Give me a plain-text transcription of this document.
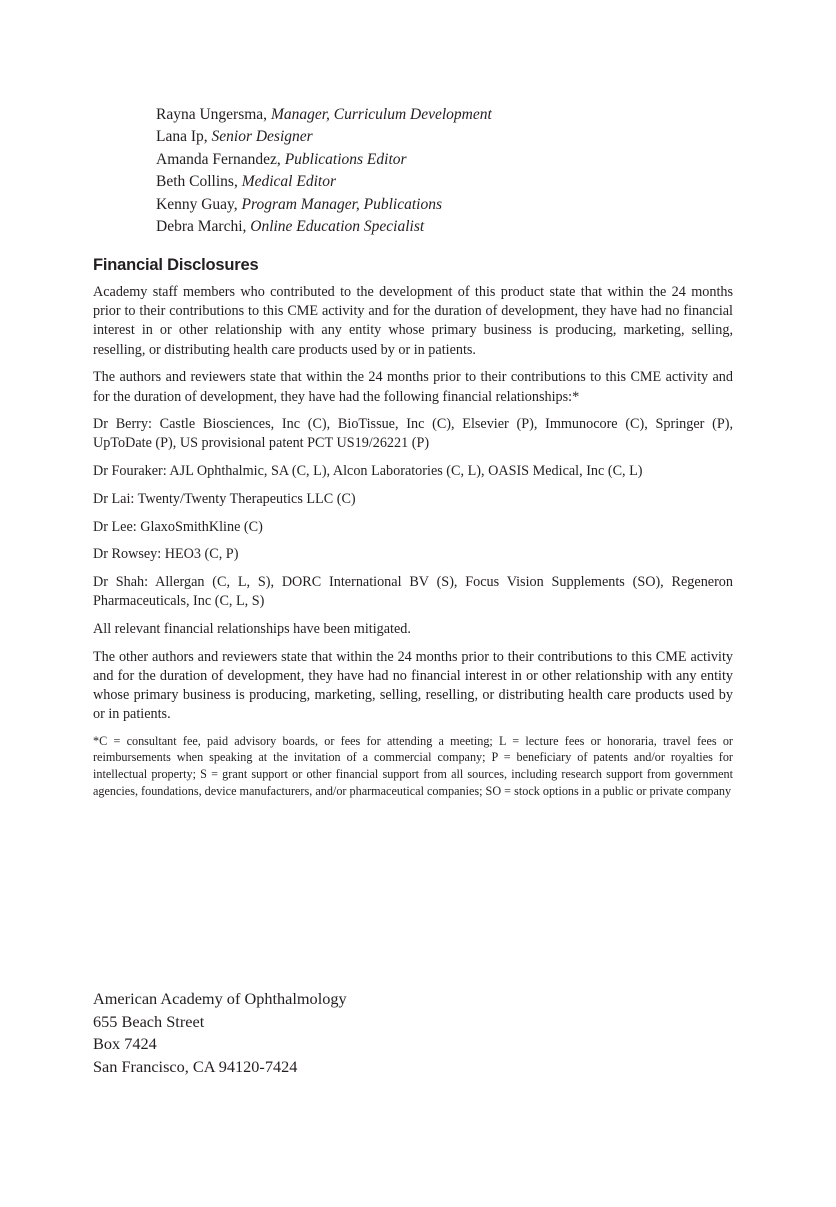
Rayna Ungersma, Manager, Curriculum Development
Lana Ip, Senior Designer
Amanda Fernandez, Publications Editor
Beth Collins, Medical Editor
Kenny Guay, Program Manager, Publications
Debra Marchi, Online Education Specialist
Financial Disclosures

Academy staff members who contributed to the development of this product state that within the 24 months prior to their contributions to this CME activity and for the duration of development, they have had no financial interest in or other relationship with any entity whose primary business is producing, marketing, selling, reselling, or distributing health care products used by or in patients.

The authors and reviewers state that within the 24 months prior to their contributions to this CME activity and for the duration of development, they have had the following financial relationships:*

Dr Berry: Castle Biosciences, Inc (C), BioTissue, Inc (C), Elsevier (P), Immunocore (C), Springer (P), UpToDate (P), US provisional patent PCT US19/26221 (P)

Dr Fouraker: AJL Ophthalmic, SA (C, L), Alcon Laboratories (C, L), OASIS Medical, Inc (C, L)

Dr Lai: Twenty/Twenty Therapeutics LLC (C)

Dr Lee: GlaxoSmithKline (C)

Dr Rowsey: HEO3 (C, P)

Dr Shah: Allergan (C, L, S), DORC International BV (S), Focus Vision Supplements (SO), Regeneron Pharmaceuticals, Inc (C, L, S)

All relevant financial relationships have been mitigated.

The other authors and reviewers state that within the 24 months prior to their contributions to this CME activity and for the duration of development, they have had no financial interest in or other relationship with any entity whose primary business is producing, marketing, selling, reselling, or distributing health care products used by or in patients.

*C = consultant fee, paid advisory boards, or fees for attending a meeting; L = lecture fees or honoraria, travel fees or reimbursements when speaking at the invitation of a commercial company; P = beneficiary of patents and/or royalties for intellectual property; S = grant support or other financial support from all sources, including research support from government agencies, foundations, device manufacturers, and/or pharmaceutical companies; SO = stock options in a public or private company

American Academy of Ophthalmology
655 Beach Street
Box 7424
San Francisco, CA 94120-7424
